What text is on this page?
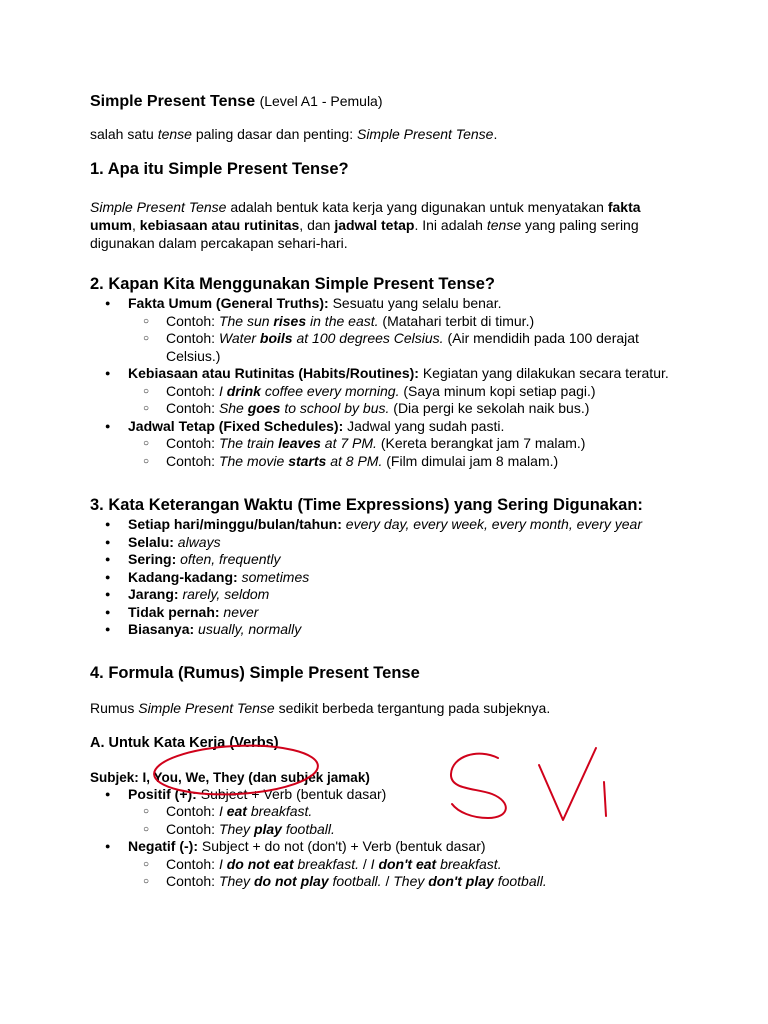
Simple Present Tense (Level A1 - Pemula)

salah satu tense paling dasar dan penting: Simple Present Tense.

1. Apa itu Simple Present Tense?

Simple Present Tense adalah bentuk kata kerja yang digunakan untuk menyatakan fakta umum, kebiasaan atau rutinitas, dan jadwal tetap. Ini adalah tense yang paling sering digunakan dalam percakapan sehari-hari.

2. Kapan Kita Menggunakan Simple Present Tense?
● Fakta Umum (General Truths): Sesuatu yang selalu benar.
○ Contoh: The sun rises in the east. (Matahari terbit di timur.)
○ Contoh: Water boils at 100 degrees Celsius. (Air mendidih pada 100 derajat Celsius.)
● Kebiasaan atau Rutinitas (Habits/Routines): Kegiatan yang dilakukan secara teratur.
○ Contoh: I drink coffee every morning. (Saya minum kopi setiap pagi.)
○ Contoh: She goes to school by bus. (Dia pergi ke sekolah naik bus.)
● Jadwal Tetap (Fixed Schedules): Jadwal yang sudah pasti.
○ Contoh: The train leaves at 7 PM. (Kereta berangkat jam 7 malam.)
○ Contoh: The movie starts at 8 PM. (Film dimulai jam 8 malam.)
3. Kata Keterangan Waktu (Time Expressions) yang Sering Digunakan:
● Setiap hari/minggu/bulan/tahun: every day, every week, every month, every year
● Selalu: always
● Sering: often, frequently
● Kadang-kadang: sometimes
● Jarang: rarely, seldom
● Tidak pernah: never
● Biasanya: usually, normally
4. Formula (Rumus) Simple Present Tense

Rumus Simple Present Tense sedikit berbeda tergantung pada subjeknya.

A. Untuk Kata Kerja (Verbs)
Subjek: I, You, We, They (dan subjek jamak)
● Positif (+): Subject + Verb (bentuk dasar)
○ Contoh: I eat breakfast.
○ Contoh: They play football.
● Negatif (-): Subject + do not (don't) + Verb (bentuk dasar)
○ Contoh: I do not eat breakfast. / I don't eat breakfast.
○ Contoh: They do not play football. / They don't play football.
